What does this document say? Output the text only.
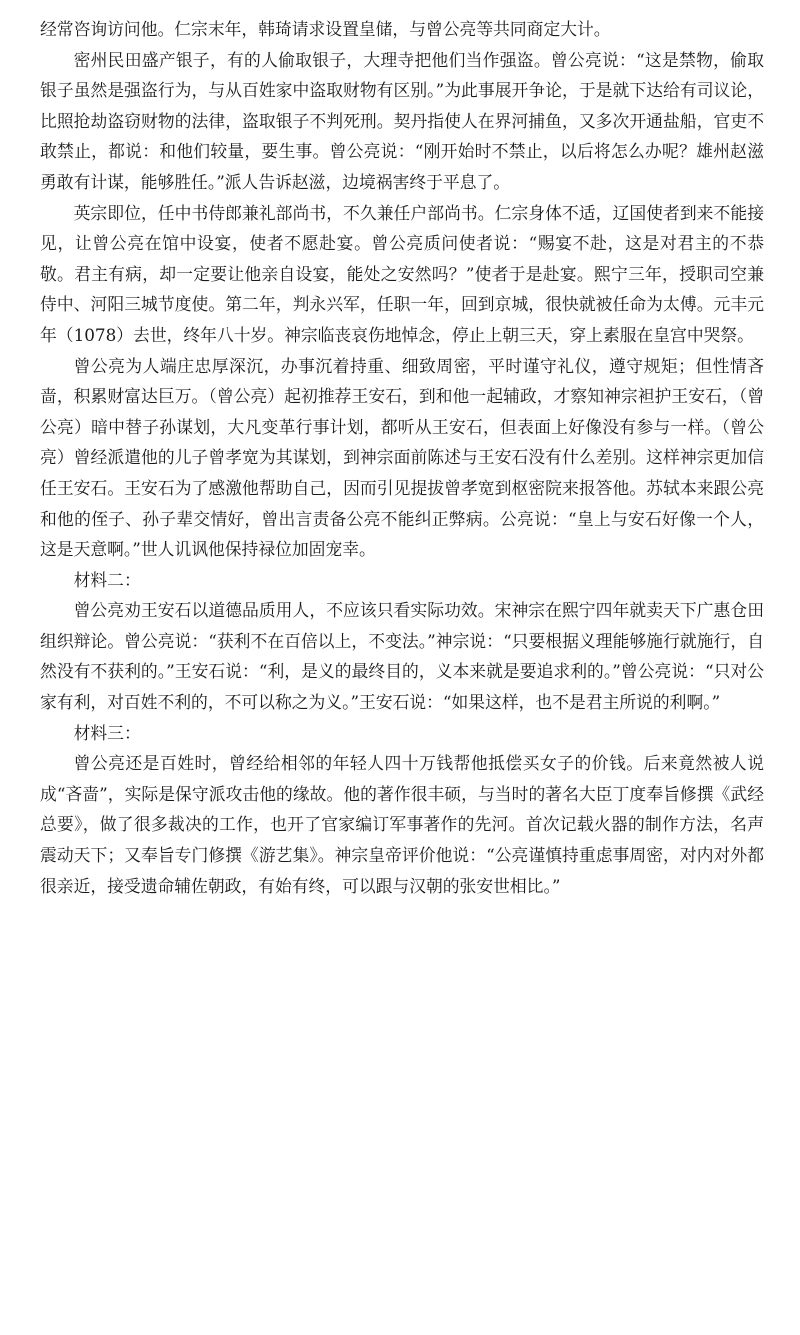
经常咨询访问他。仁宗末年，韩琦请求设置皇储，与曾公亮等共同商定大计。

密州民田盛产银子，有的人偷取银子，大理寺把他们当作强盗。曾公亮说：“这是禁物，偷取银子虽然是强盗行为，与从百姓家中盗取财物有区别。”为此事展开争论，于是就下达给有司议论，比照抢劫盗窃财物的法律，盗取银子不判死刑。契丹指使人在界河捕鱼，又多次开通盐船，官吏不敢禁止，都说：和他们较量，要生事。曾公亮说：“刚开始时不禁止，以后将怎么办呢？雄州赵滋勇敢有计谋，能够胜任。”派人告诉赵滋，边境祸害终于平息了。

英宗即位，任中书侍郎兼礼部尚书，不久兼任户部尚书。仁宗身体不适，辽国使者到来不能接见，让曾公亮在馆中设宴，使者不愿赴宴。曾公亮质问使者说：“赐宴不赴，这是对君主的不恭敬。君主有病，却一定要让他亲自设宴，能处之安然吗？”使者于是赴宴。熙宁三年，授职司空兼侍中、河阳三城节度使。第二年，判永兴军，任职一年，回到京城，很快就被任命为太傅。元丰元年（1078）去世，终年八十岁。神宗临丧哀伤地悼念，停止上朝三天，穿上素服在皇宫中哭祭。

曾公亮为人端庄忠厚深沉，办事沉着持重、细致周密，平时谨守礼仪，遵守规矩；但性情吝啬，积累财富达巨万。（曾公亮）起初推荐王安石，到和他一起辅政，才察知神宗袒护王安石，（曾公亮）暗中替子孙谋划，大凡变革行事计划，都听从王安石，但表面上好像没有参与一样。（曾公亮）曾经派遣他的儿子曾孝宽为其谋划，到神宗面前陈述与王安石没有什么差别。这样神宗更加信任王安石。王安石为了感激他帮助自己，因而引见提拔曾孝宽到枢密院来报答他。苏轼本来跟公亮和他的侄子、孙子辈交情好，曾出言责备公亮不能纠正弊病。公亮说：“皇上与安石好像一个人，这是天意啊。”世人讥讽他保持禄位加固宠幸。

材料二：

曾公亮劝王安石以道德品质用人，不应该只看实际功效。宋神宗在熙宁四年就卖天下广惠仓田组织辩论。曾公亮说：“获利不在百倍以上，不变法。”神宗说：“只要根据义理能够施行就施行，自然没有不获利的。”王安石说：“利，是义的最终目的，义本来就是要追求利的。”曾公亮说：“只对公家有利，对百姓不利的，不可以称之为义。”王安石说：“如果这样，也不是君主所说的利啊。”

材料三：

曾公亮还是百姓时，曾经给相邻的年轻人四十万钱帮他抵偿买女子的价钱。后来竟然被人说成“吝啬”，实际是保守派攻击他的缘故。他的著作很丰硕，与当时的著名大臣丁度奉旨修撰《武经总要》，做了很多裁决的工作，也开了官家编订军事著作的先河。首次记载火器的制作方法，名声震动天下；又奉旨专门修撰《游艺集》。神宗皇帝评价他说：“公亮谨慎持重虑事周密，对内对外都很亲近，接受遗命辅佐朝政，有始有终，可以跟与汉朝的张安世相比。”
